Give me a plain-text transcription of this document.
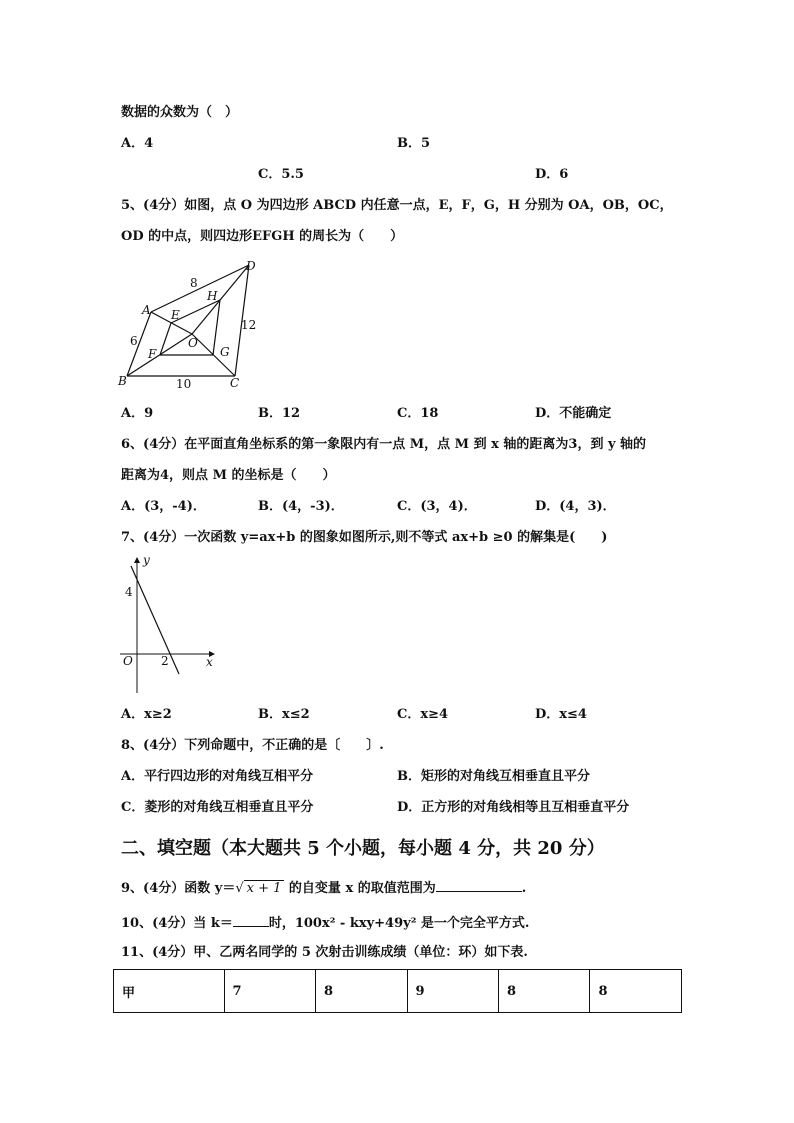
数据的众数为（　）
A．4	B．5
C．5.5	D．6
5、(4分）如图，点 O 为四边形 ABCD 内任意一点，E，F，G，H 分别为 OA，OB，OC，
OD 的中点，则四边形EFGH 的周长为（　　）
A
B	C
D
E
F	G
H
O
8
6
10
12
A．9	B．12	C．18	D．不能确定
6、(4分）在平面直角坐标系的第一象限内有一点 M，点 M 到 x 轴的距离为3，到 y 轴的
距离为4，则点 M 的坐标是（　　）
A．(3，-4)．	B．(4，-3)．	C．(3，4)．	D．(4，3)．
7、(4分）一次函数 y=ax+b 的图象如图所示,则不等式 ax+b ≥0 的解集是(　　)
y
x
O
4
2
A．x≥2	B．x≤2	C．x≥4	D．x≤4
8、(4分）下列命题中，不正确的是〔　　〕.
A．平行四边形的对角线互相平分	B．矩形的对角线互相垂直且平分
C．菱形的对角线互相垂直且平分	D．正方形的对角线相等且互相垂直平分
二、填空题（本大题共 5 个小题，每小题 4 分，共 20 分）
9、(4分）函数 y＝√ x + 1 的自变量 x 的取值范围为	.
10、(4分）当 k＝	时，100x² - kxy+49y² 是一个完全平方式.
11、(4分）甲、乙两名同学的 5 次射击训练成绩（单位：环）如下表.
甲	7	8	9	8	8
